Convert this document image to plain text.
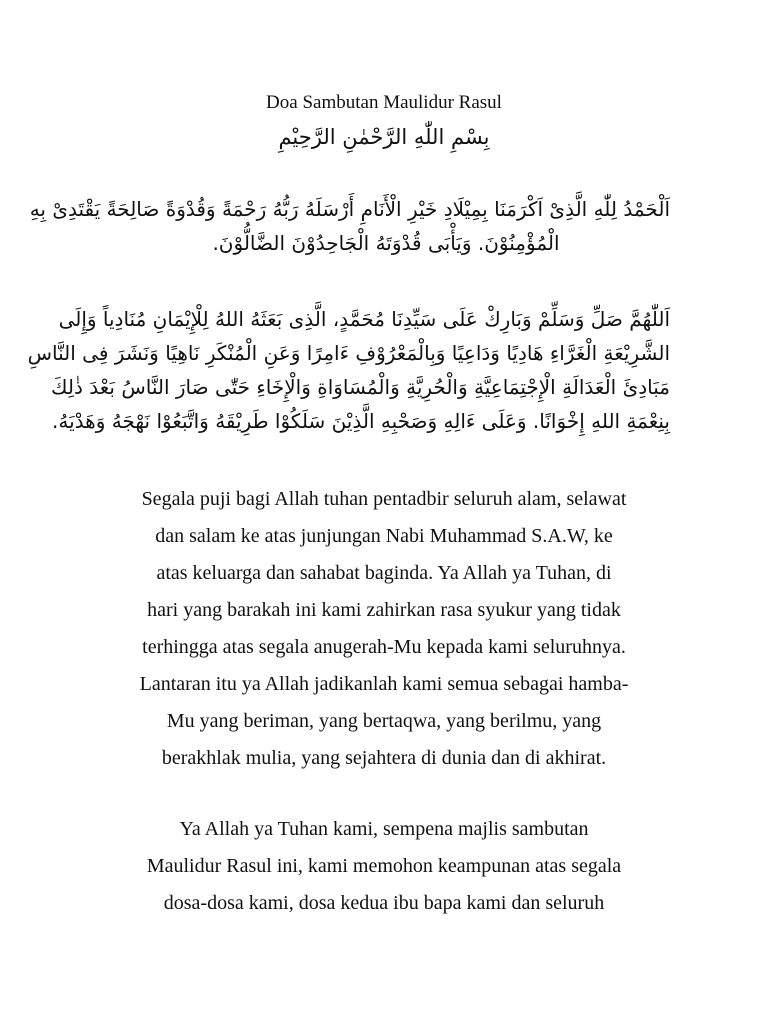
Doa Sambutan Maulidur Rasul
بِسْمِ اللّٰهِ الرَّحْمٰنِ الرَّحِيْمِ
اَلْحَمْدُ لِلّٰهِ الَّذِىْ اَكْرَمَنَا بِمِيْلَادِ خَيْرِ الْأَنَامِ أَرْسَلَهُ رَبُّهُ رَحْمَةً وَقُدْوَةً صَالِحَةً يَقْتَدِىْ بِهِ
الْمُؤْمِنُوْنَ. وَيَأْبَى قُدْوَتَهُ الْجَاحِدُوْنَ الضَّالُّوْنَ.
اَللّٰهُمَّ صَلِّ وَسَلِّمْ وَبَارِكْ عَلَى سَيِّدِنَا مُحَمَّدٍ، الَّذِى بَعَثَهُ اللهُ لِلْإِيْمَانِ مُنَادِياً وَإِلَى
الشَّرِيْعَةِ الْغَرَّاءِ هَادِيًا وَدَاعِيًا وَبِالْمَعْرُوْفِ ءَامِرًا وَعَنِ الْمُنْكَرِ نَاهِيًا وَنَشَرَ فِى النَّاسِ
مَبَادِئَ الْعَدَالَةِ الْإِجْتِمَاعِيَّةِ وَالْحُرِيَّةِ وَالْمُسَاوَاةِ وَالْإِخَاءِ حَتّٰى صَارَ النَّاسُ بَعْدَ ذٰلِكَ
بِنِعْمَةِ اللهِ إِخْوَانًا. وَعَلَى ءَالِهِ وَصَحْبِهِ الَّذِيْنَ سَلَكُوْا طَرِيْقَهُ وَاتَّبَعُوْا نَهْجَهُ وَهَدْيَهُ.
Segala puji bagi Allah tuhan pentadbir seluruh alam, selawat
dan salam ke atas junjungan Nabi Muhammad S.A.W, ke
atas keluarga dan sahabat baginda. Ya Allah ya Tuhan, di
hari yang barakah ini kami zahirkan rasa syukur yang tidak
terhingga atas segala anugerah-Mu kepada kami seluruhnya.
Lantaran itu ya Allah jadikanlah kami semua sebagai hamba-
Mu yang beriman, yang bertaqwa, yang berilmu, yang
berakhlak mulia, yang sejahtera di dunia dan di akhirat.
Ya Allah ya Tuhan kami, sempena majlis sambutan
Maulidur Rasul ini, kami memohon keampunan atas segala
dosa-dosa kami, dosa kedua ibu bapa kami dan seluruh
